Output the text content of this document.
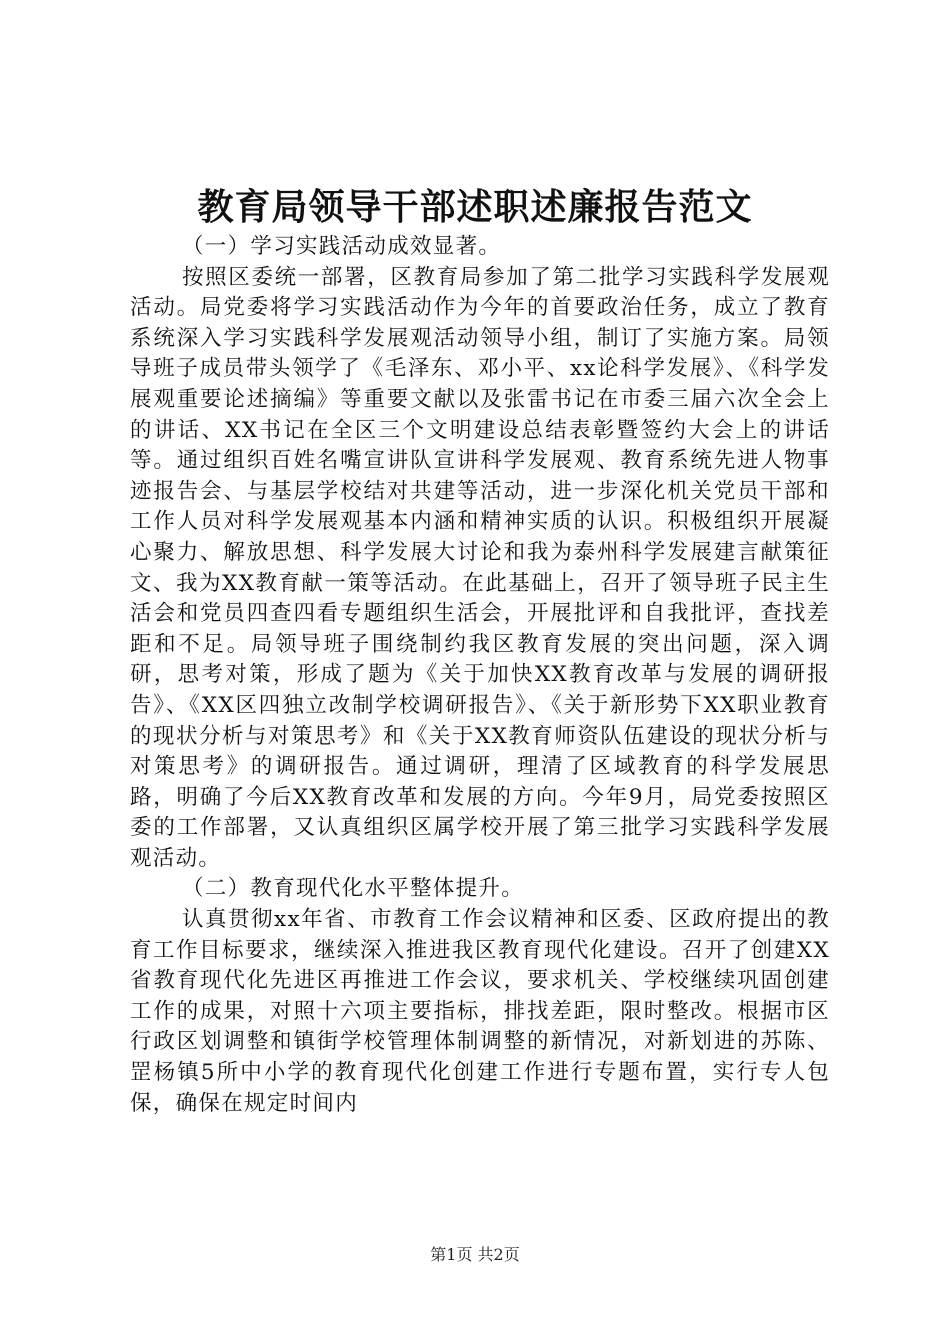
教育局领导干部述职述廉报告范文

（一）学习实践活动成效显著。

按照区委统一部署，区教育局参加了第二批学习实践科学发展观活动。局党委将学习实践活动作为今年的首要政治任务，成立了教育系统深入学习实践科学发展观活动领导小组，制订了实施方案。局领导班子成员带头领学了《毛泽东、邓小平、xx论科学发展》、《科学发展观重要论述摘编》等重要文献以及张雷书记在市委三届六次全会上的讲话、XX书记在全区三个文明建设总结表彰暨签约大会上的讲话等。通过组织百姓名嘴宣讲队宣讲科学发展观、教育系统先进人物事迹报告会、与基层学校结对共建等活动，进一步深化机关党员干部和工作人员对科学发展观基本内涵和精神实质的认识。积极组织开展凝心聚力、解放思想、科学发展大讨论和我为泰州科学发展建言献策征文、我为XX教育献一策等活动。在此基础上，召开了领导班子民主生活会和党员四查四看专题组织生活会，开展批评和自我批评，查找差距和不足。局领导班子围绕制约我区教育发展的突出问题，深入调研，思考对策，形成了题为《关于加快XX教育改革与发展的调研报告》、《XX区四独立改制学校调研报告》、《关于新形势下XX职业教育的现状分析与对策思考》和《关于XX教育师资队伍建设的现状分析与对策思考》的调研报告。通过调研，理清了区域教育的科学发展思路，明确了今后XX教育改革和发展的方向。今年9月，局党委按照区委的工作部署，又认真组织区属学校开展了第三批学习实践科学发展观活动。

（二）教育现代化水平整体提升。

认真贯彻xx年省、市教育工作会议精神和区委、区政府提出的教育工作目标要求，继续深入推进我区教育现代化建设。召开了创建XX省教育现代化先进区再推进工作会议，要求机关、学校继续巩固创建工作的成果，对照十六项主要指标，排找差距，限时整改。根据市区行政区划调整和镇街学校管理体制调整的新情况，对新划进的苏陈、罡杨镇5所中小学的教育现代化创建工作进行专题布置，实行专人包保，确保在规定时间内

第1页 共2页
